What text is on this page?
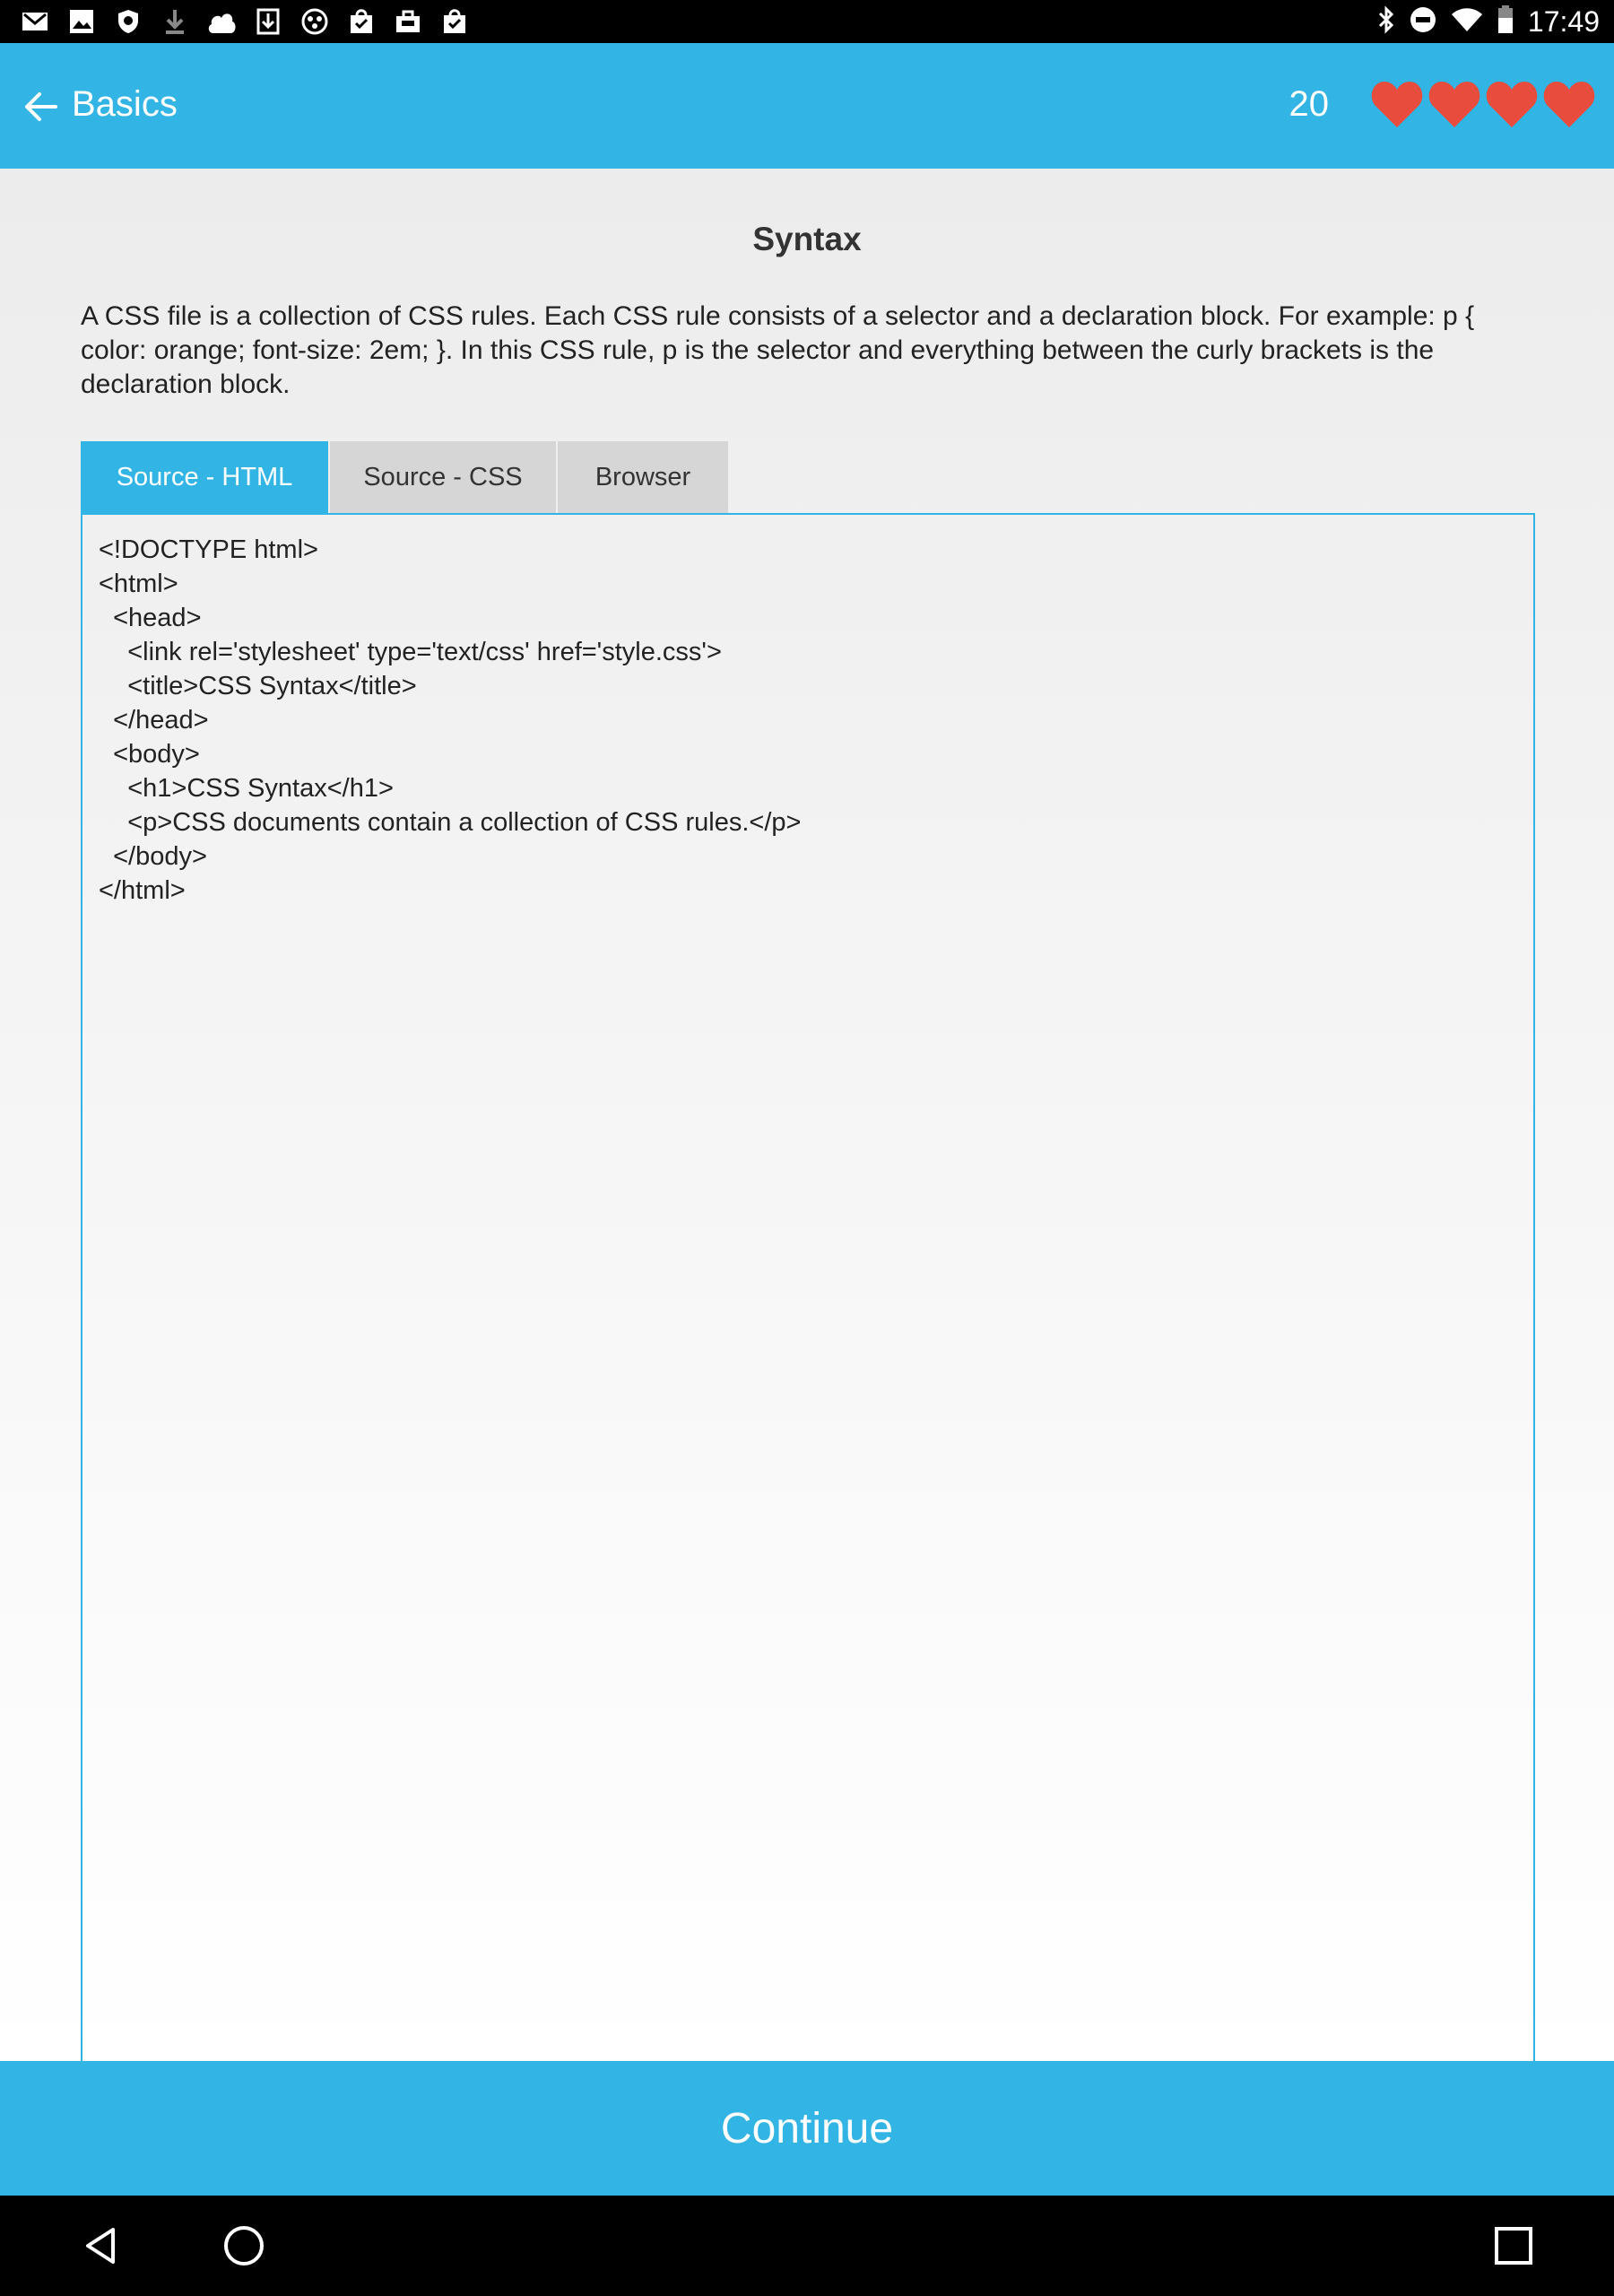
17:49
Basics	20
Syntax
A CSS file is a collection of CSS rules. Each CSS rule consists of a selector and a declaration block. For example: p { color: orange; font-size: 2em; }. In this CSS rule, p is the selector and everything between the curly brackets is the declaration block.
Source - HTML	Source - CSS	Browser
<!DOCTYPE html>
<html>
<head>
<link rel='stylesheet' type='text/css' href='style.css'>
<title>CSS Syntax</title>
</head>
<body>
<h1>CSS Syntax</h1>
<p>CSS documents contain a collection of CSS rules.</p>
</body>
</html>
Continue
